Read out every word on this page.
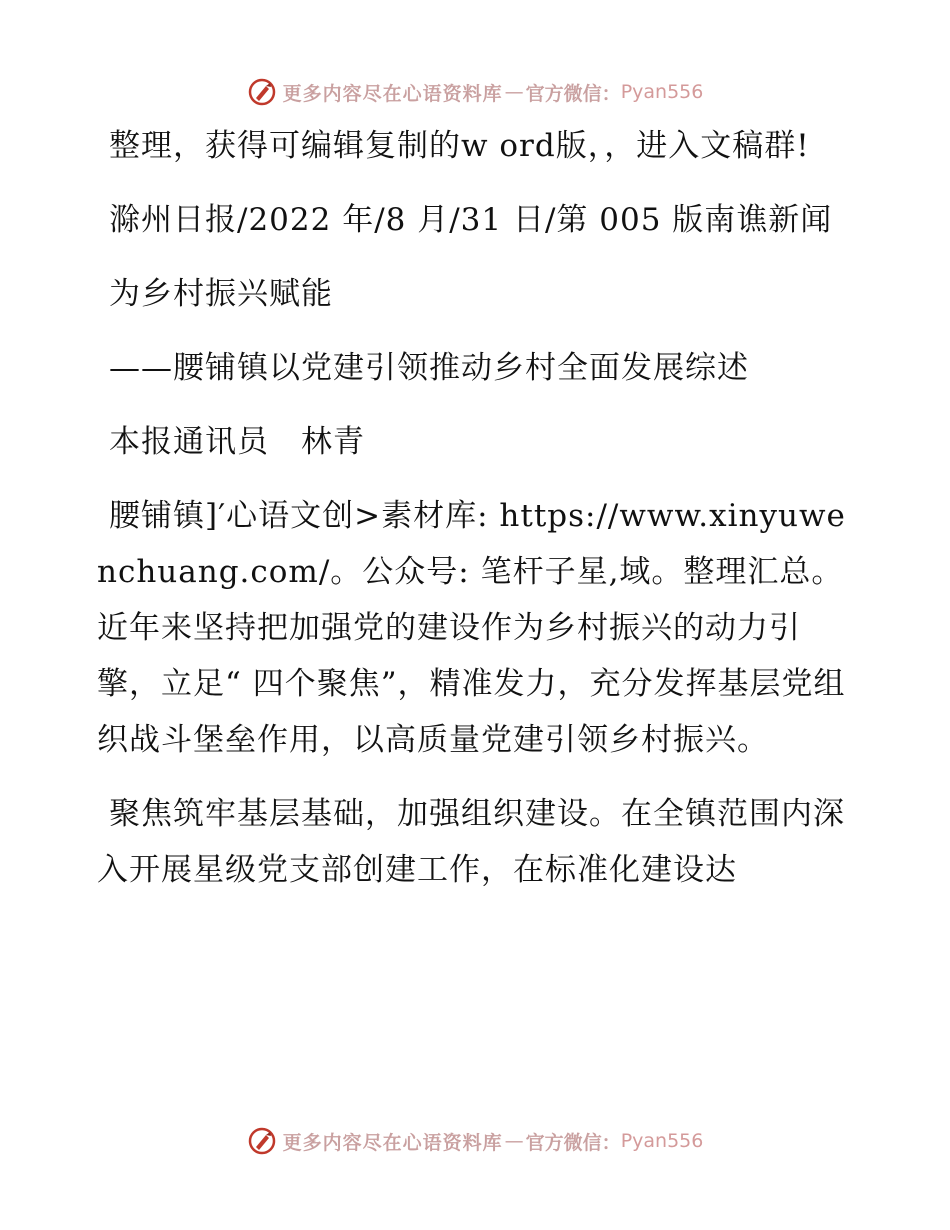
更多内容尽在心语资料库 — 官方微信： Pyan556

整理，获得可编辑复制的w ord版，，进入文稿群!

滁州日报/2022 年/8 月/31 日/第 005 版南谯新闻

为乡村振兴赋能

——腰铺镇以党建引领推动乡村全面发展综述

本报通讯员　林青

腰铺镇]′心语文创>素材库: https://www.xinyuwenchuang.com/。公众号: 笔杆子星,域。整理汇总。近年来坚持把加强党的建设作为乡村振兴的动力引擎，立足“ 四个聚焦”，精准发力，充分发挥基层党组织战斗堡垒作用，以高质量党建引领乡村振兴。

聚焦筑牢基层基础，加强组织建设。在全镇范围内深入开展星级党支部创建工作，在标准化建设达

更多内容尽在心语资料库 — 官方微信： Pyan556
